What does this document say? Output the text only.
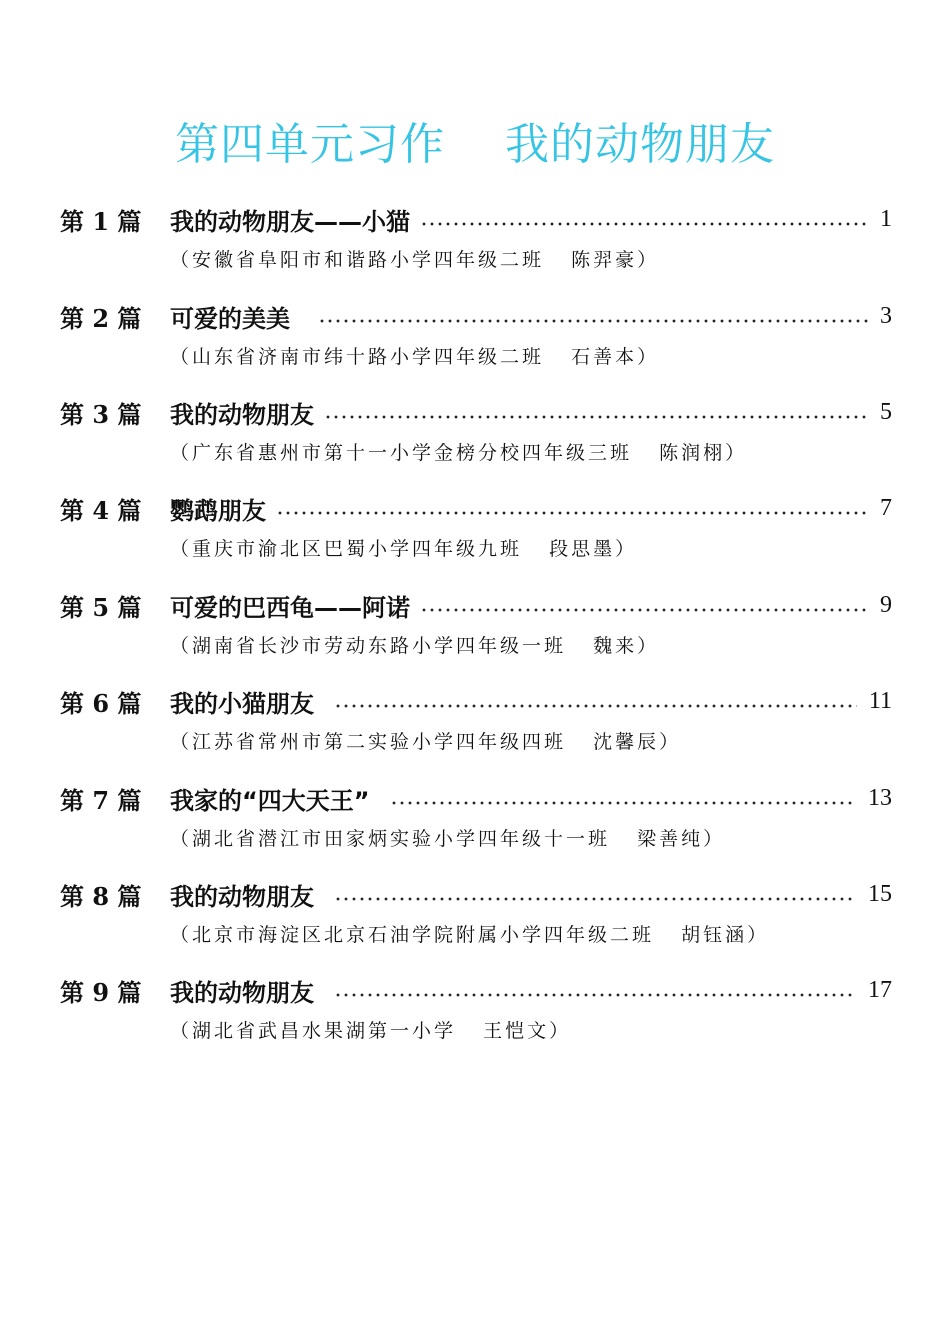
第四单元习作    我的动物朋友
第 1 篇	我的动物朋友——小猫	1
（安徽省阜阳市和谐路小学四年级二班   陈羿豪）
第 2 篇	可爱的美美	3
（山东省济南市纬十路小学四年级二班   石善本）
第 3 篇	我的动物朋友	5
（广东省惠州市第十一小学金榜分校四年级三班   陈润栩）
第 4 篇	鹦鹉朋友	7
（重庆市渝北区巴蜀小学四年级九班   段思墨）
第 5 篇	可爱的巴西龟——阿诺	9
（湖南省长沙市劳动东路小学四年级一班   魏来）
第 6 篇	我的小猫朋友	11
（江苏省常州市第二实验小学四年级四班   沈馨辰）
第 7 篇	我家的“四大天王”	13
（湖北省潜江市田家炳实验小学四年级十一班   梁善纯）
第 8 篇	我的动物朋友	15
（北京市海淀区北京石油学院附属小学四年级二班   胡钰涵）
第 9 篇	我的动物朋友	17
（湖北省武昌水果湖第一小学   王恺文）
